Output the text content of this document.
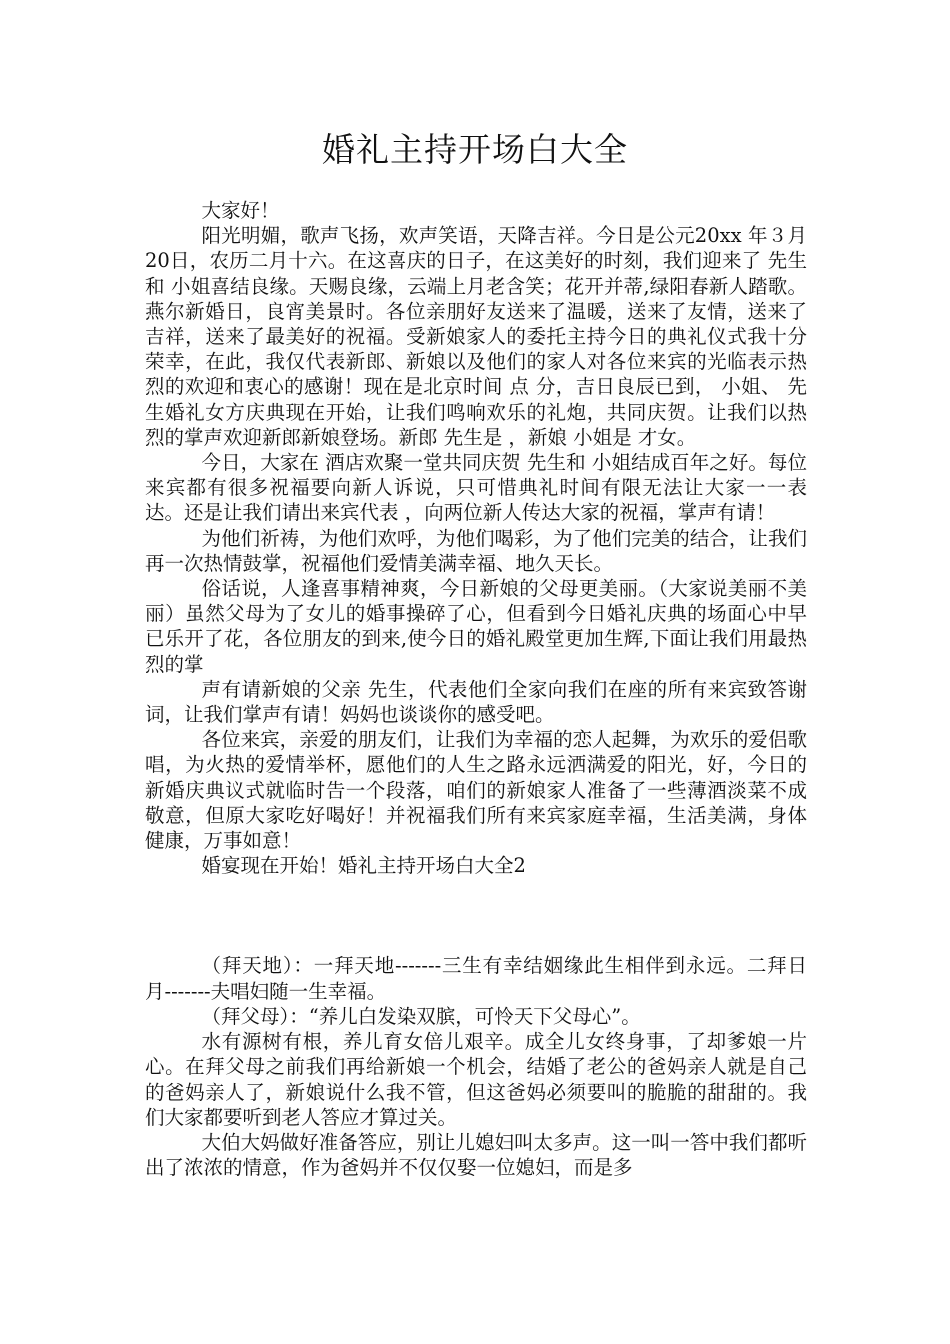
婚礼主持开场白大全

大家好！

阳光明媚，歌声飞扬，欢声笑语，天降吉祥。今日是公元20xx 年３月20日，农历二月十六。在这喜庆的日子，在这美好的时刻，我们迎来了 先生和 小姐喜结良缘。天赐良缘，云端上月老含笑；花开并蒂,绿阳春新人踏歌。燕尔新婚日，良宵美景时。各位亲朋好友送来了温暖，送来了友情，送来了吉祥，送来了最美好的祝福。受新娘家人的委托主持今日的典礼仪式我十分荣幸，在此，我仅代表新郎、新娘以及他们的家人对各位来宾的光临表示热烈的欢迎和衷心的感谢！现在是北京时间 点 分，吉日良辰已到， 小姐、 先生婚礼女方庆典现在开始，让我们鸣响欢乐的礼炮，共同庆贺。让我们以热烈的掌声欢迎新郎新娘登场。新郎 先生是 ，新娘 小姐是 才女。

今日，大家在 酒店欢聚一堂共同庆贺 先生和 小姐结成百年之好。每位来宾都有很多祝福要向新人诉说，只可惜典礼时间有限无法让大家一一表达。还是让我们请出来宾代表 ，向两位新人传达大家的祝福，掌声有请！

为他们祈祷，为他们欢呼，为他们喝彩，为了他们完美的结合，让我们再一次热情鼓掌，祝福他们爱情美满幸福、地久天长。

俗话说，人逢喜事精神爽，今日新娘的父母更美丽。（大家说美丽不美丽）虽然父母为了女儿的婚事操碎了心，但看到今日婚礼庆典的场面心中早已乐开了花，各位朋友的到来,使今日的婚礼殿堂更加生辉,下面让我们用最热烈的掌

声有请新娘的父亲 先生，代表他们全家向我们在座的所有来宾致答谢词，让我们掌声有请！妈妈也谈谈你的感受吧。

各位来宾，亲爱的朋友们，让我们为幸福的恋人起舞，为欢乐的爱侣歌唱，为火热的爱情举杯，愿他们的人生之路永远洒满爱的阳光，好，今日的新婚庆典议式就临时告一个段落，咱们的新娘家人准备了一些薄酒淡菜不成敬意，但原大家吃好喝好！并祝福我们所有来宾家庭幸福，生活美满，身体健康，万事如意！

婚宴现在开始！婚礼主持开场白大全2

（拜天地）：一拜天地-------三生有幸结姻缘此生相伴到永远。二拜日月-------夫唱妇随一生幸福。

（拜父母）：“养儿白发染双膑，可怜天下父母心”。

水有源树有根，养儿育女倍儿艰辛。成全儿女终身事，了却爹娘一片心。在拜父母之前我们再给新娘一个机会，结婚了老公的爸妈亲人就是自己的爸妈亲人了，新娘说什么我不管，但这爸妈必须要叫的脆脆的甜甜的。我们大家都要听到老人答应才算过关。

大伯大妈做好准备答应，别让儿媳妇叫太多声。这一叫一答中我们都听出了浓浓的情意，作为爸妈并不仅仅娶一位媳妇，而是多
